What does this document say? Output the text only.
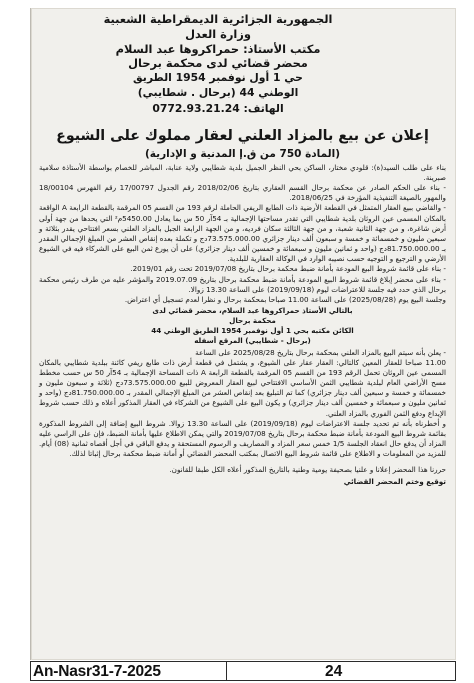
الجمهورية الجزائرية الديمقراطية الشعبية
وزارة العدل
مكتب الأستاذ: حمراكروها عبد السلام
محضر قضائي لدى محكمة برحال
حي 1 أول نوفمبر 1954 الطريق
الوطني 44 (برحال . شطايبي)
الهاتف: 0772.93.21.24
إعلان عن بيع بالمزاد العلني لعقار مملوك على الشيوع
(المادة 750 من ق.إ المدنية و الإدارية)
بناء على طلب السيد(ة): قلودي مختار، الساكن بحي النظر الجميل بلدية شطايبي ولاية عنابة، المباشر للخصام بواسطة الأستاذة سلامية صبرينة.
- بناء على الحكم الصادر عن محكمة برحال القسم العقاري بتاريخ 2018/02/06 رقم الجدول 17/00797 رقم الفهرس 18/00104 والمهور بالصيغة التنفيذية المؤرخة في 2018/06/25.
- والقاضي ببيع العقار المتمثل في القطعة الأرضية ذات الطابع الريفي الحاملة لرقم 193 من القسم 05 المرقمة بالقطعة الرابعة A الواقعة بالمكان المسمى عين الروثان بلدية شطايبي التي تقدر مساحتها الإجمالية بـ 54آر 50 س بما يعادل 5450.00م² التي يحدها من جهة أولى أرض شاغرة، و من جهة الثانية شعبة، و من جهة الثالثة سكان فرديه، و من الجهة الرابعة الجبل بالمزاد العلني بسعر افتتاحي يقدر بثلاثة و سبعين مليون و خمسمائة و خمسة و سبعون ألف دينار جزائري 73.575.000.00دج و تكملة بعده إنقاص العشر من المبلغ الإجمالي المقدر بـ 81.750.000.00دج (واحد و ثمانين مليون و سبعمائة و خمسين ألف دينار جزائري) على أن يورع ثمن البيع على الشركاء فيه في الشيوع الأرضي و الترجيع و التوجيه حسب نصيبه الوارد في الوكالة العقارية للبلدية.
- بناء على قائمة شروط البيع المودعة بأمانة ضبط محكمة برحال بتاريخ 2019/07/08 تحت رقم 2019/01.
- بناء على محضر إبلاغ قائمة شروط البيع المودعة بأمانة ضبط محكمة برحال بتاريخ 2019.07.09 والمؤشر عليه من طرف رئيس محكمة برحال الذي حدد فيه جلسة للاعتراضات ليوم (2019/09/18) على الساعة 13.30 زوالا.
وجلسة البيع يوم (2025/08/28) على الساعة 11.00 صباحا بمحكمة برحال و نظرا لعدم تسجيل أي اعتراض.
بالتالي الأستاذ حمراكروها عبد السلام، محضر قضائي لدى محكمة برحال
الكائن مكتبه بحي 1 أول نوفمبر 1954 الطريق الوطني 44
(برحال - شطايبي) المرقع أسفله
- يعلن بأنه سيتم البيع بالمزاد العلني بمحكمة برحال بتاريخ 2025/08/28 على الساعة
11.00 صباحا للعقار المعين كالتالي: العقار عقار على الشيوع، و يشتمل في قطعة أرض ذات طابع ريفي كائنة ببلدية شطايبي بالمكان المسمى عين الروثان تحمل الرقم 193 من القسم 05 المرقمة بالقطعة الرابعة A ذات المساحة الإجمالية بـ 54آر 50 س حسب مخطط مسح الأراضي العام لبلدية شطايبي الثمن الأساسي الافتتاحي لبيع العقار المعروض للبيع 73.575.000.00دج (ثلاثة و سبعون مليون و خمسمائة و خمسة و سبعين ألف دينار جزائري) كما تم التبليغ بعد إنقاص العشر من المبلغ الإجمالي المقدر بـ 81.750.000.00دج (واحد و ثمانين مليون و سبعمائة و خمسين ألف دينار جزائري) و يكون البيع على الشيوع من الشركاء في العقار المذكور أعلاه و ذلك حسب شروط الإيداع ودفع الثمن الفوري بالمزاد العلني.
و أخطرناه بأنه تم تحديد جلسة الاعتراضات ليوم (2019/09/18) على الساعة 13.30 زوالا. شروط البيع إضافة إلى الشروط المذكورة بقائمة شروط البيع المودعة بأمانة ضبط محكمة برحال بتاريخ 2019/07/08 والتي يمكن الاطلاع عليها بأمانة الضبط، فإن على الراسي عليه المزاد أن يدفع حال انعقاد الجلسة 1/5 خمس سعر المزاد و المصاريف و الرسوم المستحقة و يدفع الباقي في أجل أقصاه ثمانية (08) أيام. للمزيد من المعلومات و الاطلاع على قائمة شروط البيع الاتصال بمكتب المحضر القضائي أو أمانة ضبط محكمة برحال إثباتا لذلك.
حررنا هذا المحضر إعلانا و علنيا بصحيفة يومية وطنية بالتاريخ المذكور أعلاه الكل طبقا للقانون.
توقيع وختم المحضر القضائي
An-Nasr31-7-2025	24
